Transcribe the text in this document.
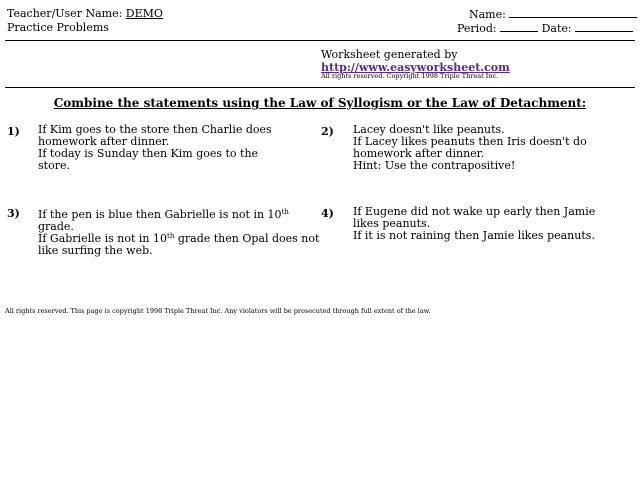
Teacher/User Name: DEMO	Name:
Practice Problems	Period:	Date:
Worksheet generated by
http://www.easyworksheet.com
All rights reserved. Copyright 1998 Triple Threat Inc.
Combine the statements using the Law of Syllogism or the Law of Detachment:
1) If Kim goes to the store then Charlie does homework after dinner.
If today is Sunday then Kim goes to the store.
2) Lacey doesn't like peanuts.
If Lacey likes peanuts then Iris doesn't do homework after dinner.
Hint: Use the contrapositive!
3) If the pen is blue then Gabrielle is not in 10th grade.
If Gabrielle is not in 10th grade then Opal does not like surfing the web.
4) If Eugene did not wake up early then Jamie likes peanuts.
If it is not raining then Jamie likes peanuts.
All rights reserved. This page is copyright 1998 Triple Threat Inc. Any violators will be prosecuted through full extent of the law.
